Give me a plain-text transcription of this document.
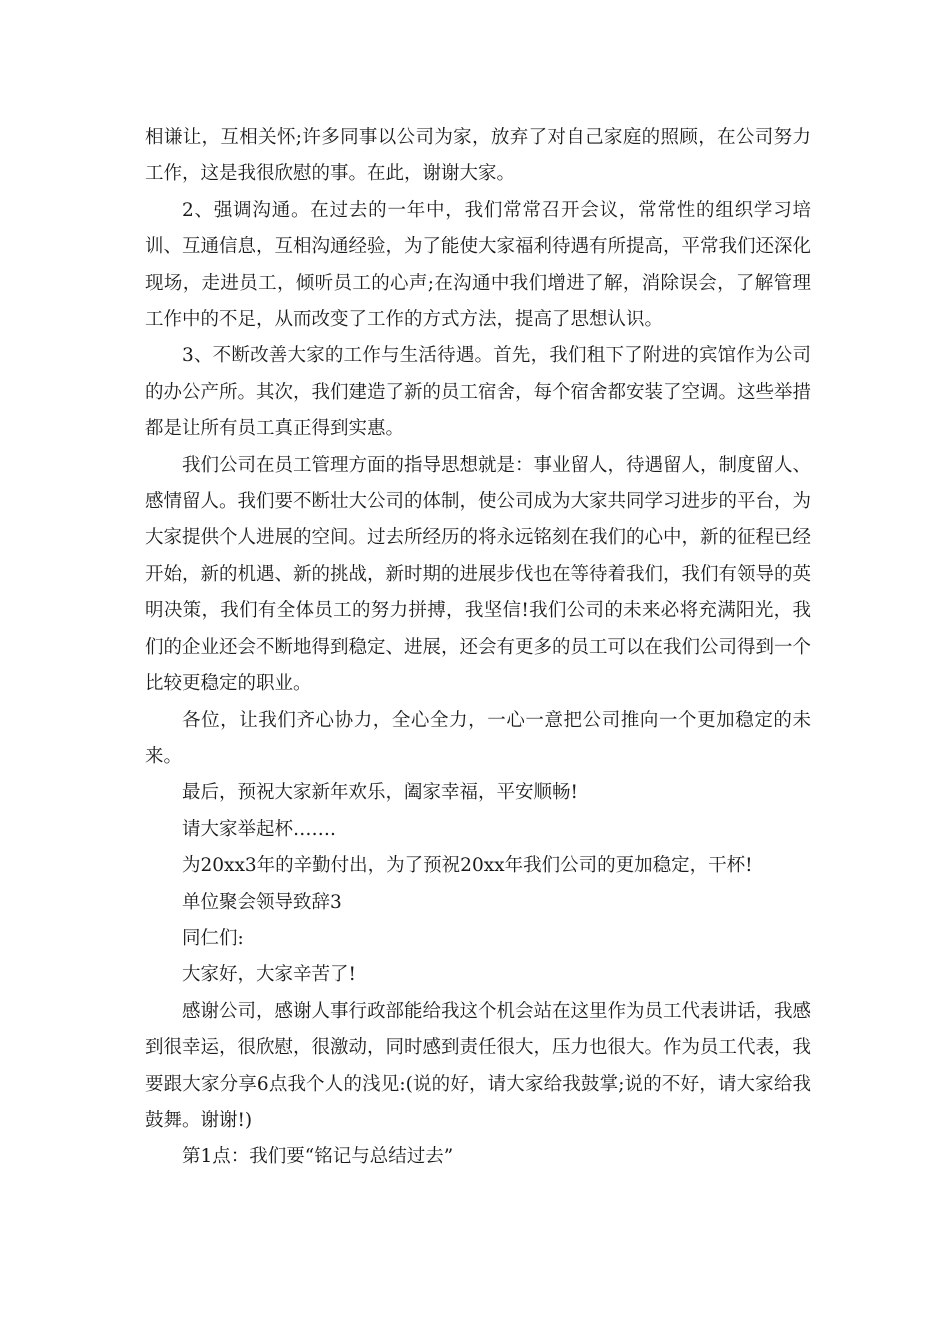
相谦让，互相关怀;许多同事以公司为家，放弃了对自己家庭的照顾，在公司努力工作，这是我很欣慰的事。在此，谢谢大家。

2、强调沟通。在过去的一年中，我们常常召开会议，常常性的组织学习培训、互通信息，互相沟通经验，为了能使大家福利待遇有所提高，平常我们还深化现场，走进员工，倾听员工的心声;在沟通中我们增进了解，消除误会，了解管理工作中的不足，从而改变了工作的方式方法，提高了思想认识。

3、不断改善大家的工作与生活待遇。首先，我们租下了附进的宾馆作为公司的办公产所。其次，我们建造了新的员工宿舍，每个宿舍都安装了空调。这些举措都是让所有员工真正得到实惠。

我们公司在员工管理方面的指导思想就是：事业留人，待遇留人，制度留人、感情留人。我们要不断壮大公司的体制，使公司成为大家共同学习进步的平台，为大家提供个人进展的空间。过去所经历的将永远铭刻在我们的心中，新的征程已经开始，新的机遇、新的挑战，新时期的进展步伐也在等待着我们，我们有领导的英明决策，我们有全体员工的努力拼搏，我坚信!我们公司的未来必将充满阳光，我们的企业还会不断地得到稳定、进展，还会有更多的员工可以在我们公司得到一个比较更稳定的职业。

各位，让我们齐心协力，全心全力，一心一意把公司推向一个更加稳定的未来。

最后，预祝大家新年欢乐，阖家幸福，平安顺畅!

请大家举起杯…….

为20xx3年的辛勤付出，为了预祝20xx年我们公司的更加稳定，干杯!

单位聚会领导致辞3

同仁们:

大家好，大家辛苦了!

感谢公司，感谢人事行政部能给我这个机会站在这里作为员工代表讲话，我感到很幸运，很欣慰，很激动，同时感到责任很大，压力也很大。作为员工代表，我要跟大家分享6点我个人的浅见:(说的好，请大家给我鼓掌;说的不好，请大家给我鼓舞。谢谢!)

第1点：我们要“铭记与总结过去”
